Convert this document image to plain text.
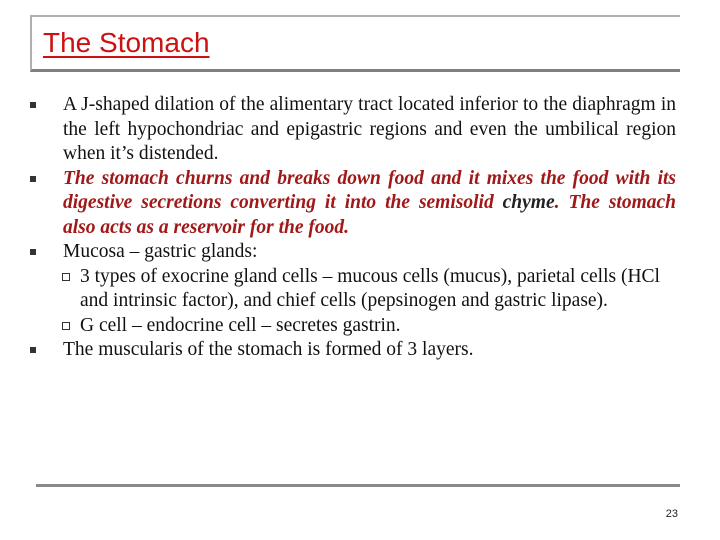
The Stomach
A J-shaped dilation of the alimentary tract located inferior to the diaphragm in the left hypochondriac and epigastric regions and even the umbilical region when it’s distended.
The stomach churns and breaks down food and it mixes the food with its digestive secretions converting it into the semisolid chyme. The stomach also acts as a reservoir for the food.
Mucosa – gastric glands:
3 types of exocrine gland cells – mucous cells (mucus), parietal cells (HCl and intrinsic factor), and chief cells (pepsinogen and gastric lipase).
G cell – endocrine cell – secretes gastrin.
The muscularis of the stomach is formed of 3 layers.
23
